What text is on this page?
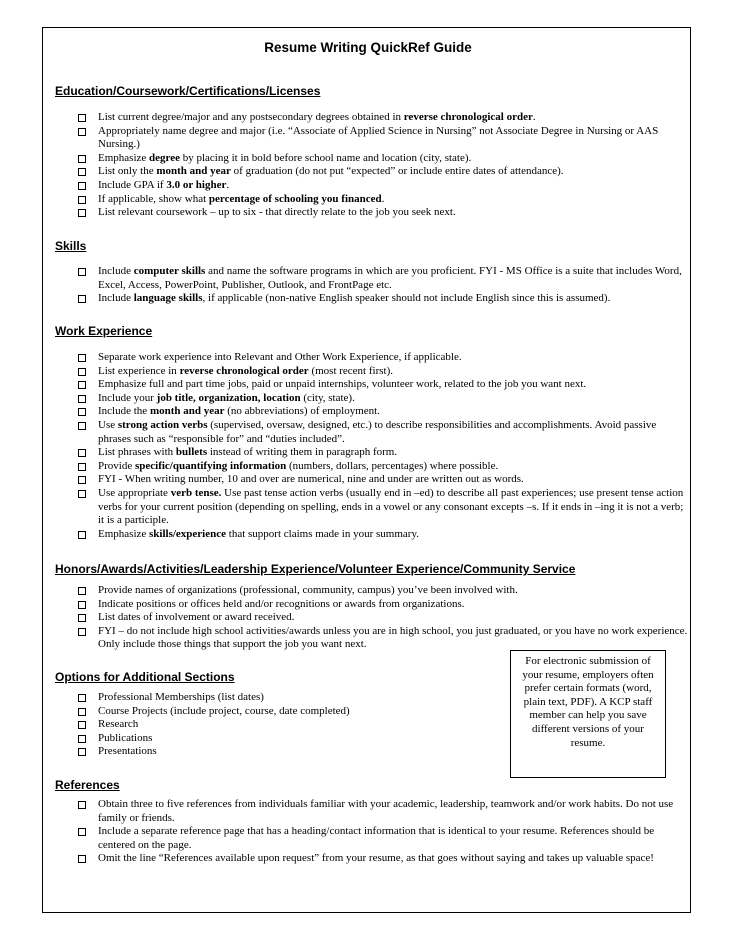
Resume Writing QuickRef Guide
Education/Coursework/Certifications/Licenses
List current degree/major and any postsecondary degrees obtained in reverse chronological order.
Appropriately name degree and major (i.e. “Associate of Applied Science in Nursing” not Associate Degree in Nursing or AAS Nursing.)
Emphasize degree by placing it in bold before school name and location (city, state).
List only the month and year of graduation (do not put “expected” or include entire dates of attendance).
Include GPA if 3.0 or higher.
If applicable, show what percentage of schooling you financed.
List relevant coursework – up to six - that directly relate to the job you seek next.
Skills
Include computer skills and name the software programs in which are you proficient. FYI - MS Office is a suite that includes Word, Excel, Access, PowerPoint, Publisher, Outlook, and FrontPage etc.
Include language skills, if applicable (non-native English speaker should not include English since this is assumed).
Work Experience
Separate work experience into Relevant and Other Work Experience, if applicable.
List experience in reverse chronological order (most recent first).
Emphasize full and part time jobs, paid or unpaid internships, volunteer work, related to the job you want next.
Include your job title, organization, location (city, state).
Include the month and year (no abbreviations) of employment.
Use strong action verbs (supervised, oversaw, designed, etc.) to describe responsibilities and accomplishments. Avoid passive phrases such as “responsible for” and “duties included”.
List phrases with bullets instead of writing them in paragraph form.
Provide specific/quantifying information (numbers, dollars, percentages) where possible.
FYI - When writing number, 10 and over are numerical, nine and under are written out as words.
Use appropriate verb tense. Use past tense action verbs (usually end in –ed) to describe all past experiences; use present tense action verbs for your current position (depending on spelling, ends in a vowel or any consonant excepts –s. If it ends in –ing it is not a verb; it is a participle.
Emphasize skills/experience that support claims made in your summary.
Honors/Awards/Activities/Leadership Experience/Volunteer Experience/Community Service
Provide names of organizations (professional, community, campus) you’ve been involved with.
Indicate positions or offices held and/or recognitions or awards from organizations.
List dates of involvement or award received.
FYI – do not include high school activities/awards unless you are in high school, you just graduated, or you have no work experience. Only include those things that support the job you want next.
Options for Additional Sections
Professional Memberships (list dates)
Course Projects (include project, course, date completed)
Research
Publications
Presentations
References
Obtain three to five references from individuals familiar with your academic, leadership, teamwork and/or work habits. Do not use family or friends.
Include a separate reference page that has a heading/contact information that is identical to your resume. References should be centered on the page.
Omit the line “References available upon request” from your resume, as that goes without saying and takes up valuable space!
For electronic submission of your resume, employers often prefer certain formats (word, plain text, PDF). A KCP staff member can help you save different versions of your resume.
